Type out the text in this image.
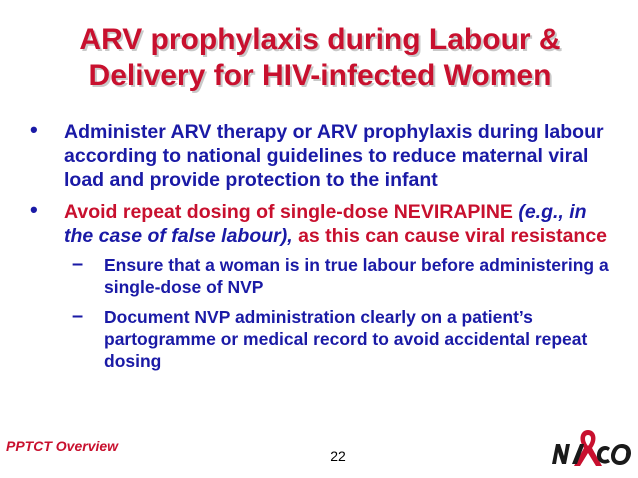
ARV prophylaxis during Labour &
Delivery for HIV-infected Women
• Administer ARV therapy or ARV prophylaxis during labour according to national guidelines to reduce maternal viral load and provide protection to the infant
• Avoid repeat dosing of single-dose NEVIRAPINE (e.g., in the case of false labour), as this can cause viral resistance
– Ensure that a woman is in true labour before administering a single-dose of NVP
– Document NVP administration clearly on a patient’s partogramme or medical record to avoid accidental repeat dosing
PPTCT Overview
22
